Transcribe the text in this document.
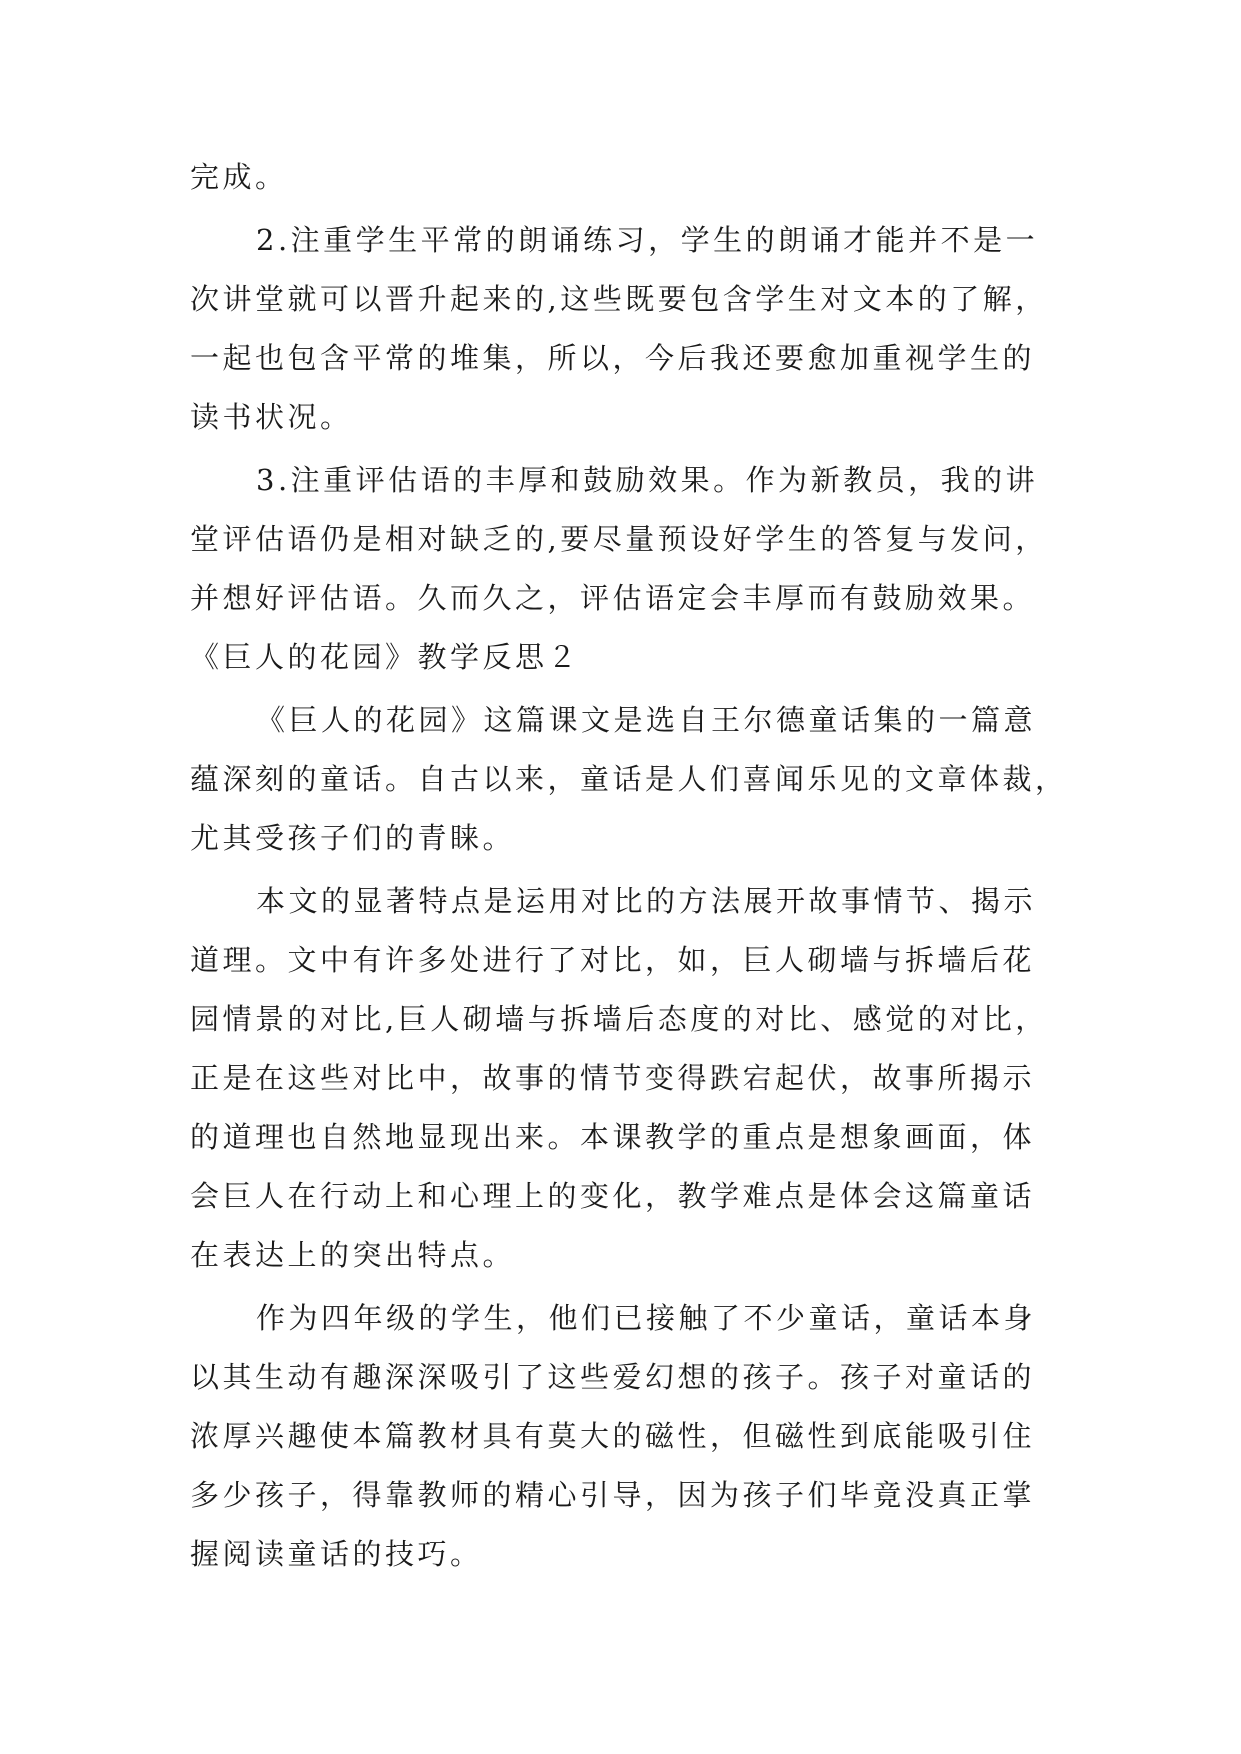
完成。
2.注重学生平常的朗诵练习，学生的朗诵才能并不是一
次讲堂就可以晋升起来的,这些既要包含学生对文本的了解，
一起也包含平常的堆集，所以，今后我还要愈加重视学生的
读书状况。
3.注重评估语的丰厚和鼓励效果。作为新教员，我的讲
堂评估语仍是相对缺乏的,要尽量预设好学生的答复与发问，
并想好评估语。久而久之，评估语定会丰厚而有鼓励效果。
《巨人的花园》教学反思２
《巨人的花园》这篇课文是选自王尔德童话集的一篇意
蕴深刻的童话。自古以来，童话是人们喜闻乐见的文章体裁，
尤其受孩子们的青睐。
本文的显著特点是运用对比的方法展开故事情节、揭示
道理。文中有许多处进行了对比，如，巨人砌墙与拆墙后花
园情景的对比,巨人砌墙与拆墙后态度的对比、感觉的对比，
正是在这些对比中，故事的情节变得跌宕起伏，故事所揭示
的道理也自然地显现出来。本课教学的重点是想象画面，体
会巨人在行动上和心理上的变化，教学难点是体会这篇童话
在表达上的突出特点。
作为四年级的学生，他们已接触了不少童话，童话本身
以其生动有趣深深吸引了这些爱幻想的孩子。孩子对童话的
浓厚兴趣使本篇教材具有莫大的磁性，但磁性到底能吸引住
多少孩子，得靠教师的精心引导，因为孩子们毕竟没真正掌
握阅读童话的技巧。
